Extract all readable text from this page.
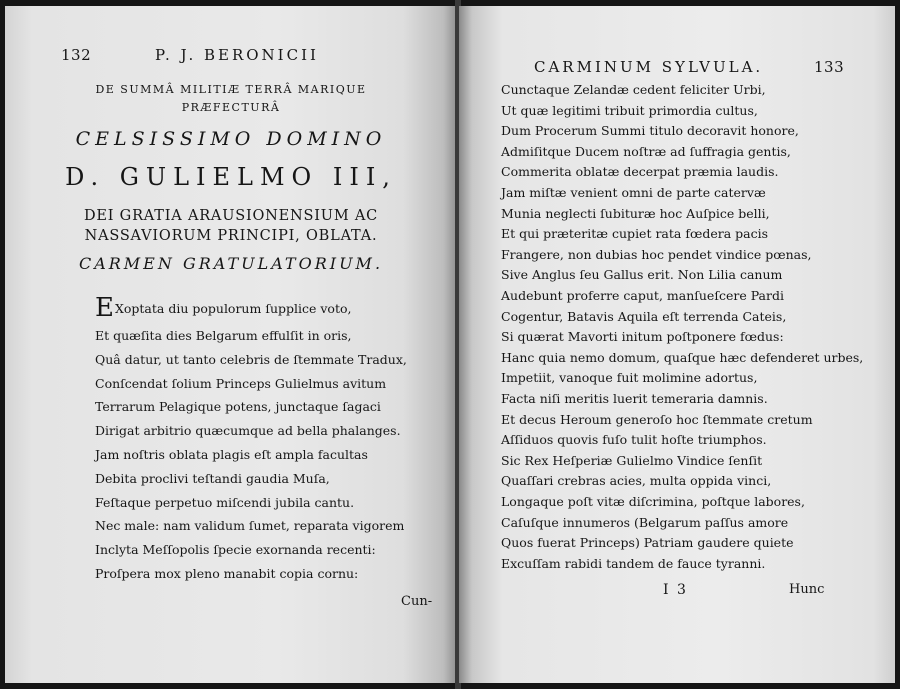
132	P. J. BERONICII
DE SUMMÂ MILITIÆ TERRÂ MARIQUE
PRÆFECTURÂ
CELSISSIMO DOMINO
D. GULIELMO III,
DEI GRATIA ARAUSIONENSIUM AC
NASSAVIORUM PRINCIPI, OBLATA.
CARMEN GRATULATORIUM.
EXoptata diu populorum ſupplice voto,
Et quæſita dies Belgarum effulſit in oris,
Quâ datur, ut tanto celebris de ſtemmate Tradux,
Conſcendat ſolium Princeps Gulielmus avitum
Terrarum Pelagique potens, junctaque ſagaci
Dirigat arbitrio quæcumque ad bella phalanges.
Jam noſtris oblata plagis eſt ampla facultas
Debita proclivi teſtandi gaudia Muſa,
Feſtaque perpetuo miſcendi jubila cantu.
Nec male: nam validum ſumet, reparata vigorem
Inclyta Meſſopolis ſpecie exornanda recenti:
Proſpera mox pleno manabit copia cornu:
Cun-
CARMINUM SYLVULA.	133
Cunctaque Zelandæ cedent feliciter Urbi,
Ut quæ legitimi tribuit primordia cultus,
Dum Procerum Summi titulo decoravit honore,
Admiſitque Ducem noſtræ ad ſuffragia gentis,
Commerita oblatæ decerpat præmia laudis.
Jam miſtæ venient omni de parte catervæ
Munia neglecti ſubituræ hoc Auſpice belli,
Et qui præteritæ cupiet rata fœdera pacis
Frangere, non dubias hoc pendet vindice pœnas,
Sive Anglus ſeu Gallus erit. Non Lilia canum
Audebunt proferre caput, manſueſcere Pardi
Cogentur, Batavis Aquila eſt terrenda Cateis,
Si quærat Mavorti initum poſtponere fœdus:
Hanc quia nemo domum, quaſque hæc defenderet urbes,
Impetiit, vanoque fuit molimine adortus,
Facta niſi meritis luerit temeraria damnis.
Et decus Heroum generoſo hoc ſtemmate cretum
Aſſiduos quovis fuſo tulit hoſte triumphos.
Sic Rex Heſperiæ Gulielmo Vindice ſenſit
Quaſſari crebras acies, multa oppida vinci,
Longaque poſt vitæ diſcrimina, poſtque labores,
Caſuſque innumeros (Belgarum paſſus amore
Quos fuerat Princeps) Patriam gaudere quiete
Excuſſam rabidi tandem de fauce tyranni.
I 3	Hunc
